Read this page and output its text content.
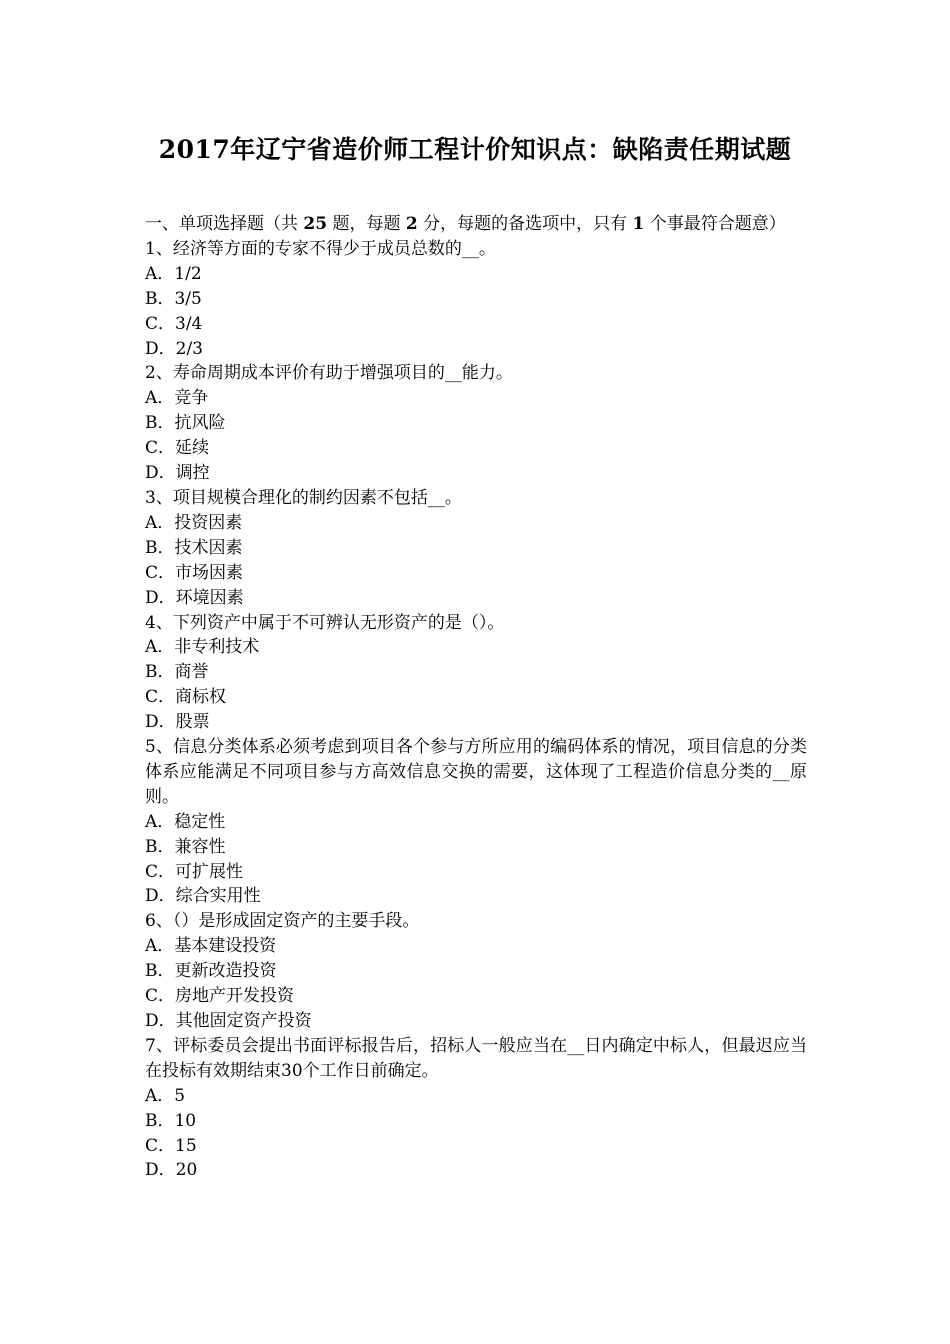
2017年辽宁省造价师工程计价知识点：缺陷责任期试题

一、单项选择题（共 25 题，每题 2 分，每题的备选项中，只有 1 个事最符合题意）

1、经济等方面的专家不得少于成员总数的__。

A．1/2

B．3/5

C．3/4

D．2/3

2、寿命周期成本评价有助于增强项目的__能力。

A．竞争

B．抗风险

C．延续

D．调控

3、项目规模合理化的制约因素不包括__。

A．投资因素

B．技术因素

C．市场因素

D．环境因素

4、下列资产中属于不可辨认无形资产的是（）。

A．非专利技术

B．商誉

C．商标权

D．股票

5、信息分类体系必须考虑到项目各个参与方所应用的编码体系的情况，项目信息的分类体系应能满足不同项目参与方高效信息交换的需要，这体现了工程造价信息分类的__原则。

A．稳定性

B．兼容性

C．可扩展性

D．综合实用性

6、（）是形成固定资产的主要手段。

A．基本建设投资

B．更新改造投资

C．房地产开发投资

D．其他固定资产投资

7、评标委员会提出书面评标报告后，招标人一般应当在__日内确定中标人，但最迟应当在投标有效期结束30个工作日前确定。

A．5

B．10

C．15

D．20
